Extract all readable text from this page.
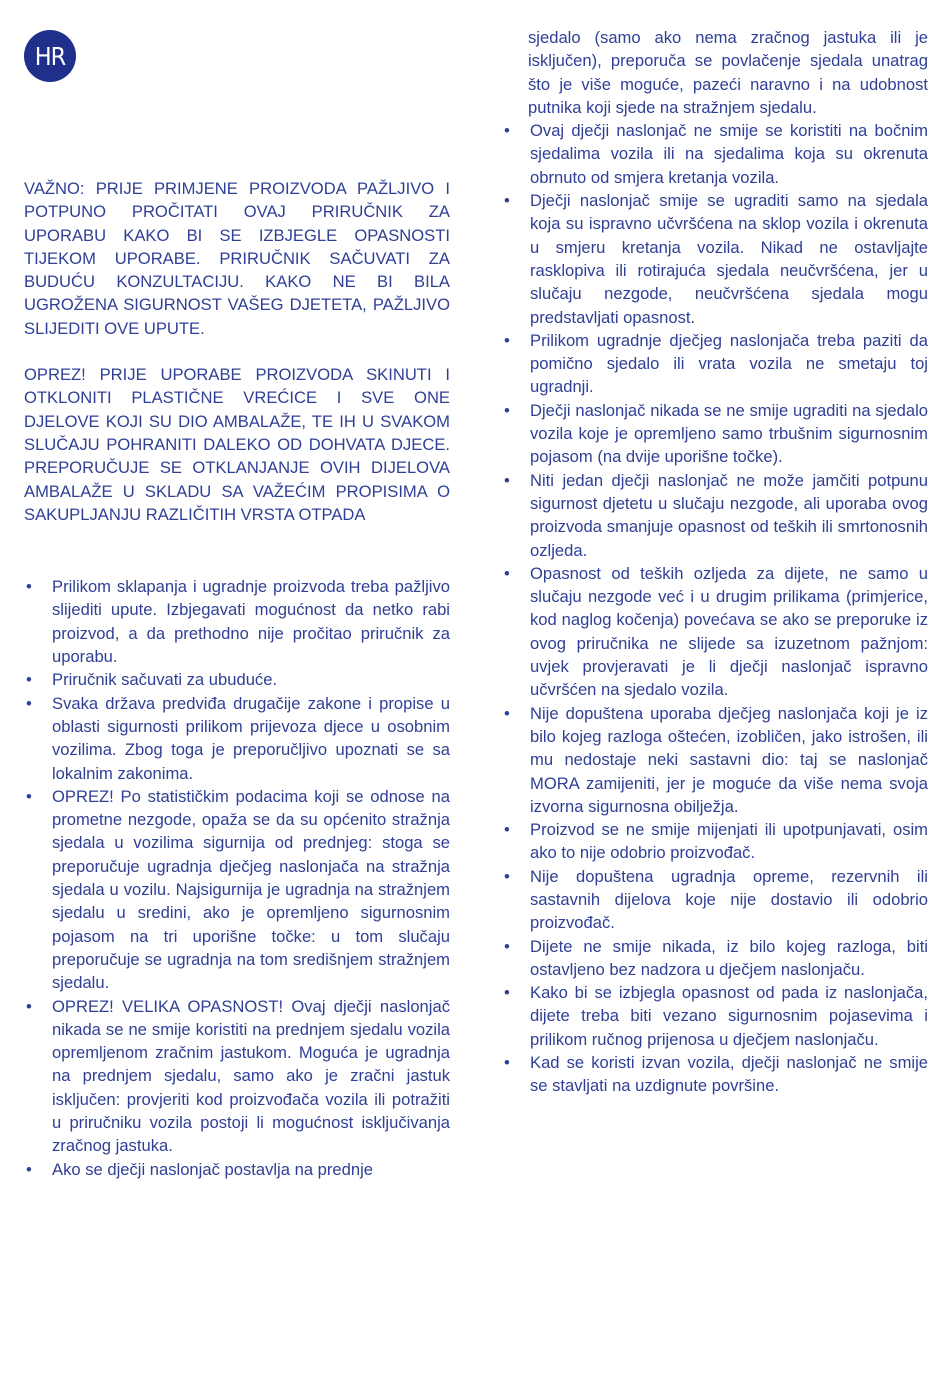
HR

VAŽNO: PRIJE PRIMJENE PROIZVODA PAŽLJIVO I POTPUNO PROČITATI OVAJ PRIRUČNIK ZA UPORABU KAKO BI SE IZBJEGLE OPASNOSTI TIJEKOM UPORABE. PRIRUČNIK SAČUVATI ZA BUDUĆU KONZULTACIJU. KAKO NE BI BILA UGROŽENA SIGURNOST VAŠEG DJETETA, PAŽLJIVO SLIJEDITI OVE UPUTE.

OPREZ! PRIJE UPORABE PROIZVODA SKINUTI I OTKLONITI PLASTIČNE VREĆICE I SVE ONE DJELOVE KOJI SU DIO AMBALAŽE, TE IH U SVAKOM SLUČAJU POHRANITI DALEKO OD DOHVATA DJECE. PREPORUČUJE SE OTKLANJANJE OVIH DIJELOVA AMBALAŽE U SKLADU SA VAŽEĆIM PROPISIMA O SAKUPLJANJU RAZLIČITIH VRSTA OTPADA

• Prilikom sklapanja i ugradnje proizvoda treba pažljivo slijediti upute. Izbjegavati mogućnost da netko rabi proizvod, a da prethodno nije pročitao priručnik za uporabu.
• Priručnik sačuvati za ubuduće.
• Svaka država predviđa drugačije zakone i propise u oblasti sigurnosti prilikom prijevoza djece u osobnim vozilima. Zbog toga je preporučljivo upoznati se sa lokalnim zakonima.
• OPREZ! Po statističkim podacima koji se odnose na prometne nezgode, opaža se da su općenito stražnja sjedala u vozilima sigurnija od prednjeg: stoga se preporučuje ugradnja dječjeg naslonjača na stražnja sjedala u vozilu. Najsigurnija je ugradnja na stražnjem sjedalu u sredini, ako je opremljeno sigurnosnim pojasom na tri uporišne točke: u tom slučaju preporučuje se ugradnja na tom središnjem stražnjem sjedalu.
• OPREZ! VELIKA OPASNOST! Ovaj dječji naslonjač nikada se ne smije koristiti na prednjem sjedalu vozila opremljenom zračnim jastukom. Moguća je ugradnja na prednjem sjedalu, samo ako je zračni jastuk isključen: provjeriti kod proizvođača vozila ili potražiti u priručniku vozila postoji li mogućnost isključivanja zračnog jastuka.
• Ako se dječji naslonjač postavlja na prednje

sjedalo (samo ako nema zračnog jastuka ili je isključen), preporuča se povlačenje sjedala unatrag što je više moguće, pazeći naravno i na udobnost putnika koji sjede na stražnjem sjedalu.

• Ovaj dječji naslonjač ne smije se koristiti na bočnim sjedalima vozila ili na sjedalima koja su okrenuta obrnuto od smjera kretanja vozila.
• Dječji naslonjač smije se ugraditi samo na sjedala koja su ispravno učvršćena na sklop vozila i okrenuta u smjeru kretanja vozila. Nikad ne ostavljajte rasklopiva ili rotirajuća sjedala neučvršćena, jer u slučaju nezgode, neučvršćena sjedala mogu predstavljati opasnost.
• Prilikom ugradnje dječjeg naslonjača treba paziti da pomično sjedalo ili vrata vozila ne smetaju toj ugradnji.
• Dječji naslonjač nikada se ne smije ugraditi na sjedalo vozila koje je opremljeno samo trbušnim sigurnosnim pojasom (na dvije uporišne točke).
• Niti jedan dječji naslonjač ne može jamčiti potpunu sigurnost djetetu u slučaju nezgode, ali uporaba ovog proizvoda smanjuje opasnost od teških ili smrtonosnih ozljeda.
• Opasnost od teških ozljeda za dijete, ne samo u slučaju nezgode već i u drugim prilikama (primjerice, kod naglog kočenja) povećava se ako se preporuke iz ovog priručnika ne slijede sa izuzetnom pažnjom: uvjek provjeravati je li dječji naslonjač ispravno učvršćen na sjedalo vozila.
• Nije dopuštena uporaba dječjeg naslonjača koji je iz bilo kojeg razloga oštećen, izobličen, jako istrošen, ili mu nedostaje neki sastavni dio: taj se naslonjač MORA zamijeniti, jer je moguće da više nema svoja izvorna sigurnosna obilježja.
• Proizvod se ne smije mijenjati ili upotpunjavati, osim ako to nije odobrio proizvođač.
• Nije dopuštena ugradnja opreme, rezervnih ili sastavnih dijelova koje nije dostavio ili odobrio proizvođač.
• Dijete ne smije nikada, iz bilo kojeg razloga, biti ostavljeno bez nadzora u dječjem naslonjaču.
• Kako bi se izbjegla opasnost od pada iz naslonjača, dijete treba biti vezano sigurnosnim pojasevima i prilikom ručnog prijenosa u dječjem naslonjaču.
• Kad se koristi izvan vozila, dječji naslonjač ne smije se stavljati na uzdignute površine.
